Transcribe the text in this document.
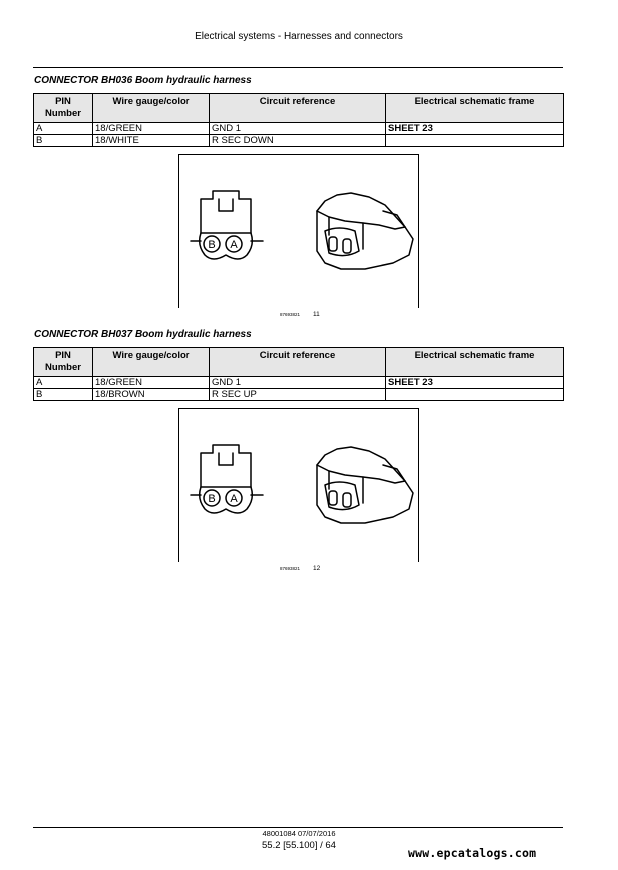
Electrical systems - Harnesses and connectors
CONNECTOR BH036 Boom hydraulic harness
PIN
Number	Wire gauge/color	Circuit reference	Electrical schematic frame
A	18/GREEN	GND 1	SHEET 23
B	18/WHITE	R SEC DOWN	
B A
87693821 11
CONNECTOR BH037 Boom hydraulic harness
PIN
Number	Wire gauge/color	Circuit reference	Electrical schematic frame
A	18/GREEN	GND 1	SHEET 23
B	18/BROWN	R SEC UP	
B A
87693821 12
48001084 07/07/2016
55.2 [55.100] / 64
www.epcatalogs.com
